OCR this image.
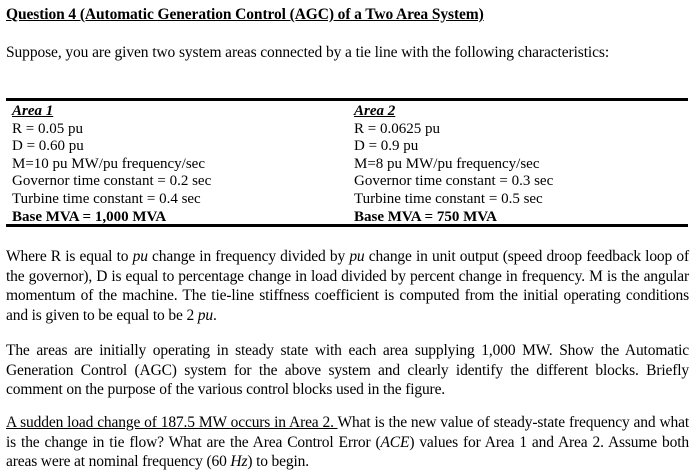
Question 4 (Automatic Generation Control (AGC) of a Two Area System)
Suppose, you are given two system areas connected by a tie line with the following characteristics:
Area 1
R = 0.05 pu
D = 0.60 pu
M=10 pu MW/pu frequency/sec
Governor time constant = 0.2 sec
Turbine time constant = 0.4 sec
Base MVA = 1,000 MVA
Area 2
R = 0.0625 pu
D = 0.9 pu
M=8 pu MW/pu frequency/sec
Governor time constant = 0.3 sec
Turbine time constant = 0.5 sec
Base MVA = 750 MVA
Where R is equal to pu change in frequency divided by pu change in unit output (speed droop feedback loop of the governor), D is equal to percentage change in load divided by percent change in frequency. M is the angular momentum of the machine. The tie-line stiffness coefficient is computed from the initial operating conditions and is given to be equal to be 2 pu.
The areas are initially operating in steady state with each area supplying 1,000 MW. Show the Automatic Generation Control (AGC) system for the above system and clearly identify the different blocks. Briefly comment on the purpose of the various control blocks used in the figure.
A sudden load change of 187.5 MW occurs in Area 2. What is the new value of steady-state frequency and what is the change in tie flow? What are the Area Control Error (ACE) values for Area 1 and Area 2. Assume both areas were at nominal frequency (60 Hz) to begin.
